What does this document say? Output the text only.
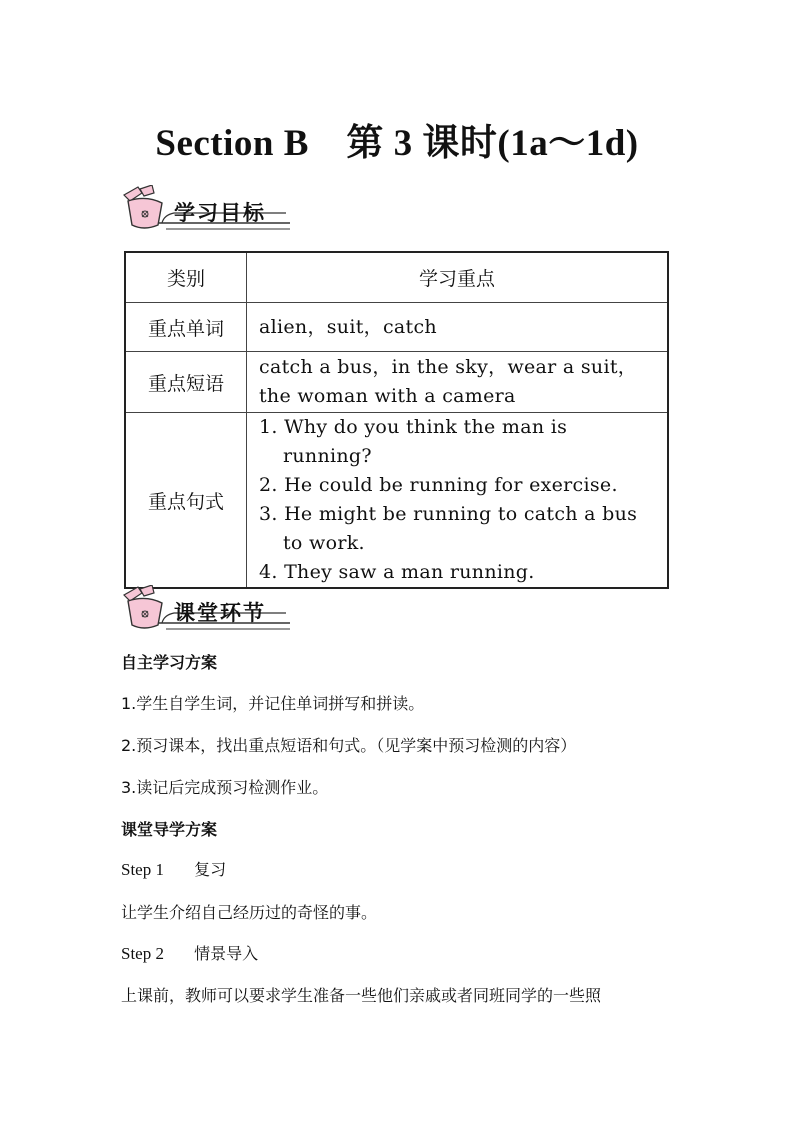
Section B　第 3 课时(1a～1d)
学习目标
类别	学习重点
重点单词	alien，suit，catch
重点短语	catch a bus，in the sky，wear a suit，the woman with a camera
重点句式	1. Why do you think the man is running?
2. He could be running for exercise.
3. He might be running to catch a bus to work.
4. They saw a man running.
课堂环节
自主学习方案
1.学生自学生词，并记住单词拼写和拼读。
2.预习课本，找出重点短语和句式。（见学案中预习检测的内容）
3.读记后完成预习检测作业。
课堂导学方案
Step 1 复习
让学生介绍自己经历过的奇怪的事。
Step 2 情景导入
上课前，教师可以要求学生准备一些他们亲戚或者同班同学的一些照
